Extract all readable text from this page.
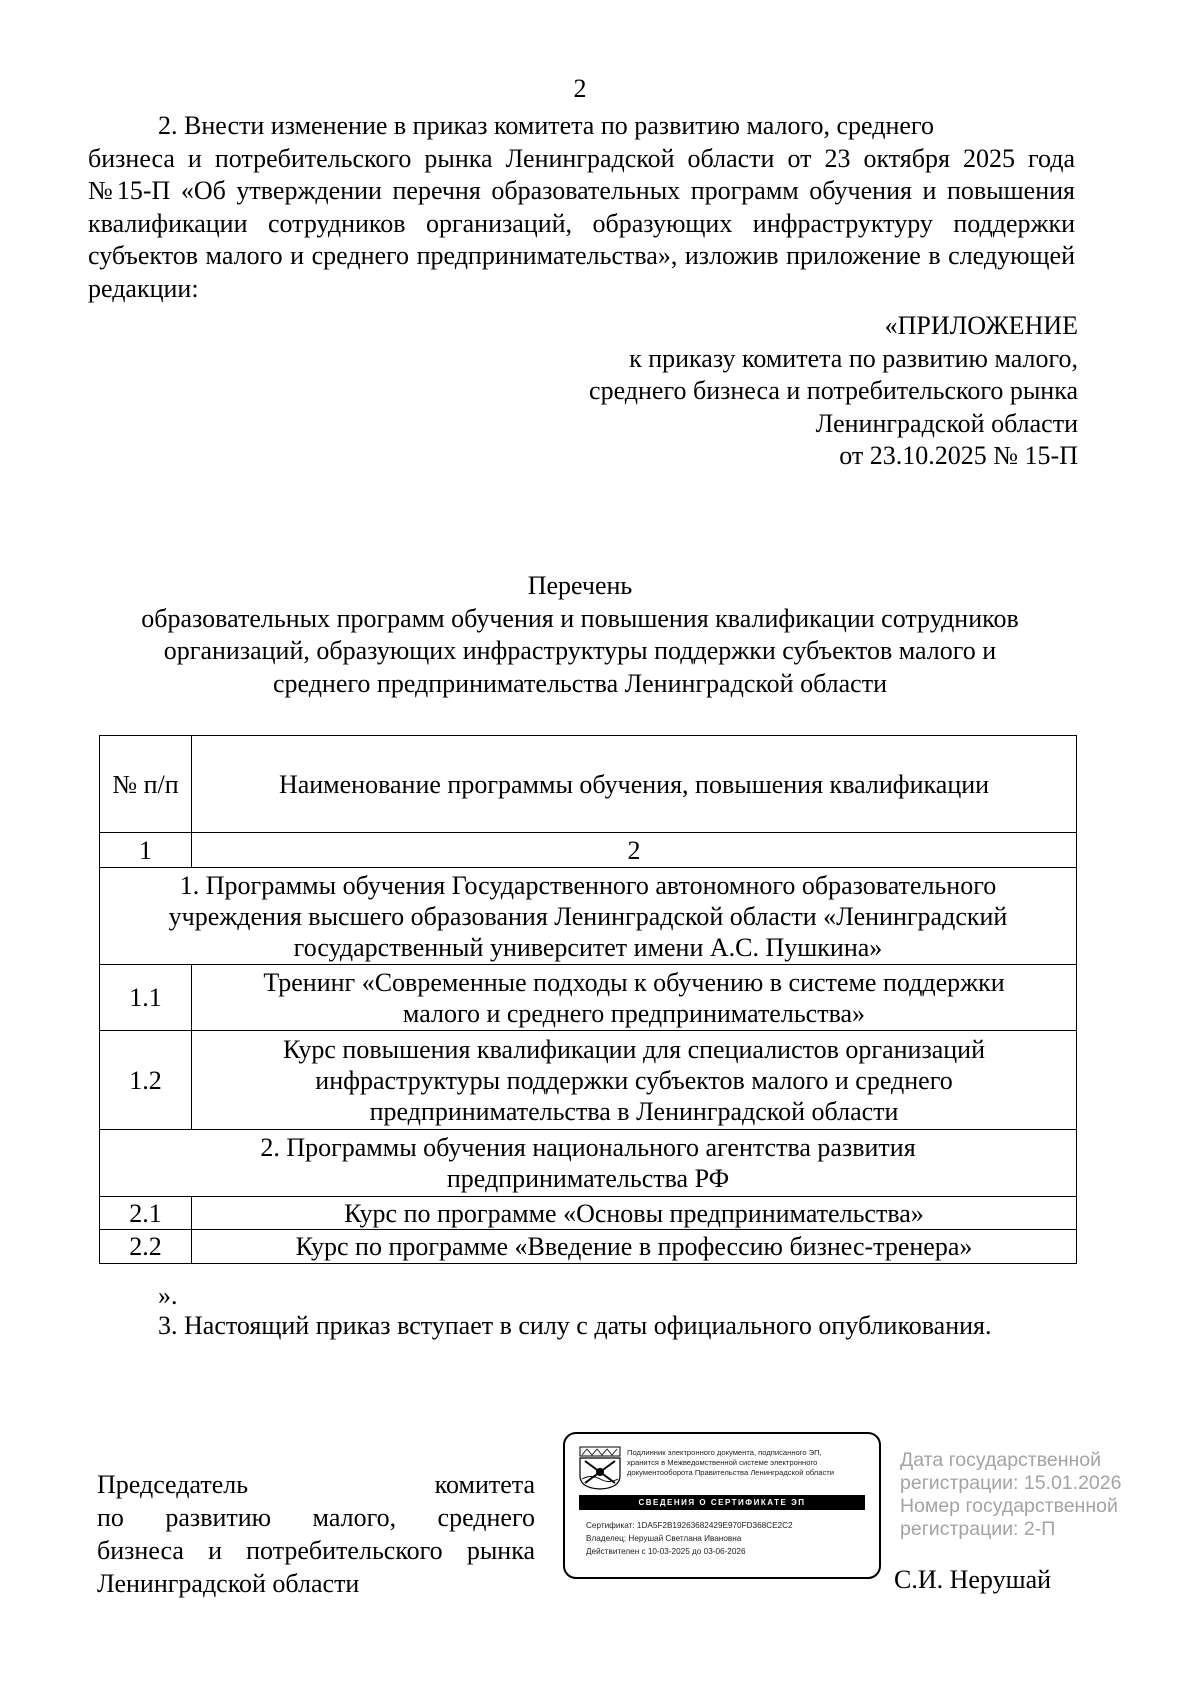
2
2. Внести изменение в приказ комитета по развитию малого, среднего
бизнеса и потребительского рынка Ленинградской области от 23 октября 2025 года №15-П «Об утверждении перечня образовательных программ обучения и повышения квалификации сотрудников организаций, образующих инфраструктуру поддержки субъектов малого и среднего предпринимательства», изложив приложение в следующей редакции:
«ПРИЛОЖЕНИЕ
к приказу комитета по развитию малого,
среднего бизнеса и потребительского рынка
Ленинградской области
от 23.10.2025 № 15-П
Перечень
образовательных программ обучения и повышения квалификации сотрудников
организаций, образующих инфраструктуры поддержки субъектов малого и
среднего предпринимательства Ленинградской области
№ п/п	Наименование программы обучения, повышения квалификации
1	2
1. Программы обучения Государственного автономного образовательного учреждения высшего образования Ленинградской области «Ленинградский государственный университет имени А.С. Пушкина»	
1.1	Тренинг «Современные подходы к обучению в системе поддержки малого и среднего предпринимательства»
1.2	Курс повышения квалификации для специалистов организаций инфраструктуры поддержки субъектов малого и среднего предпринимательства в Ленинградской области
2. Программы обучения национального агентства развития предпринимательства РФ	
2.1	Курс по программе «Основы предпринимательства»
2.2	Курс по программе «Введение в профессию бизнес-тренера»
».
3. Настоящий приказ вступает в силу с даты официального опубликования.
Председатель комитета
по развитию малого, среднего
бизнеса и потребительского рынка
Ленинградской области
Подлинник электронного документа, подписанного ЭП,
хранится в Межведомственной системе электронного
документооборота Правительства Ленинградской области
СВЕДЕНИЯ О СЕРТИФИКАТЕ ЭП
Сертификат: 1DA5F2B19263682429E970FD368CE2C2
Владелец: Нерушай Светлана Ивановна
Действителен с 10-03-2025 до 03-06-2026
Дата государственной
регистрации: 15.01.2026
Номер государственной
регистрации: 2-П
С.И. Нерушай
